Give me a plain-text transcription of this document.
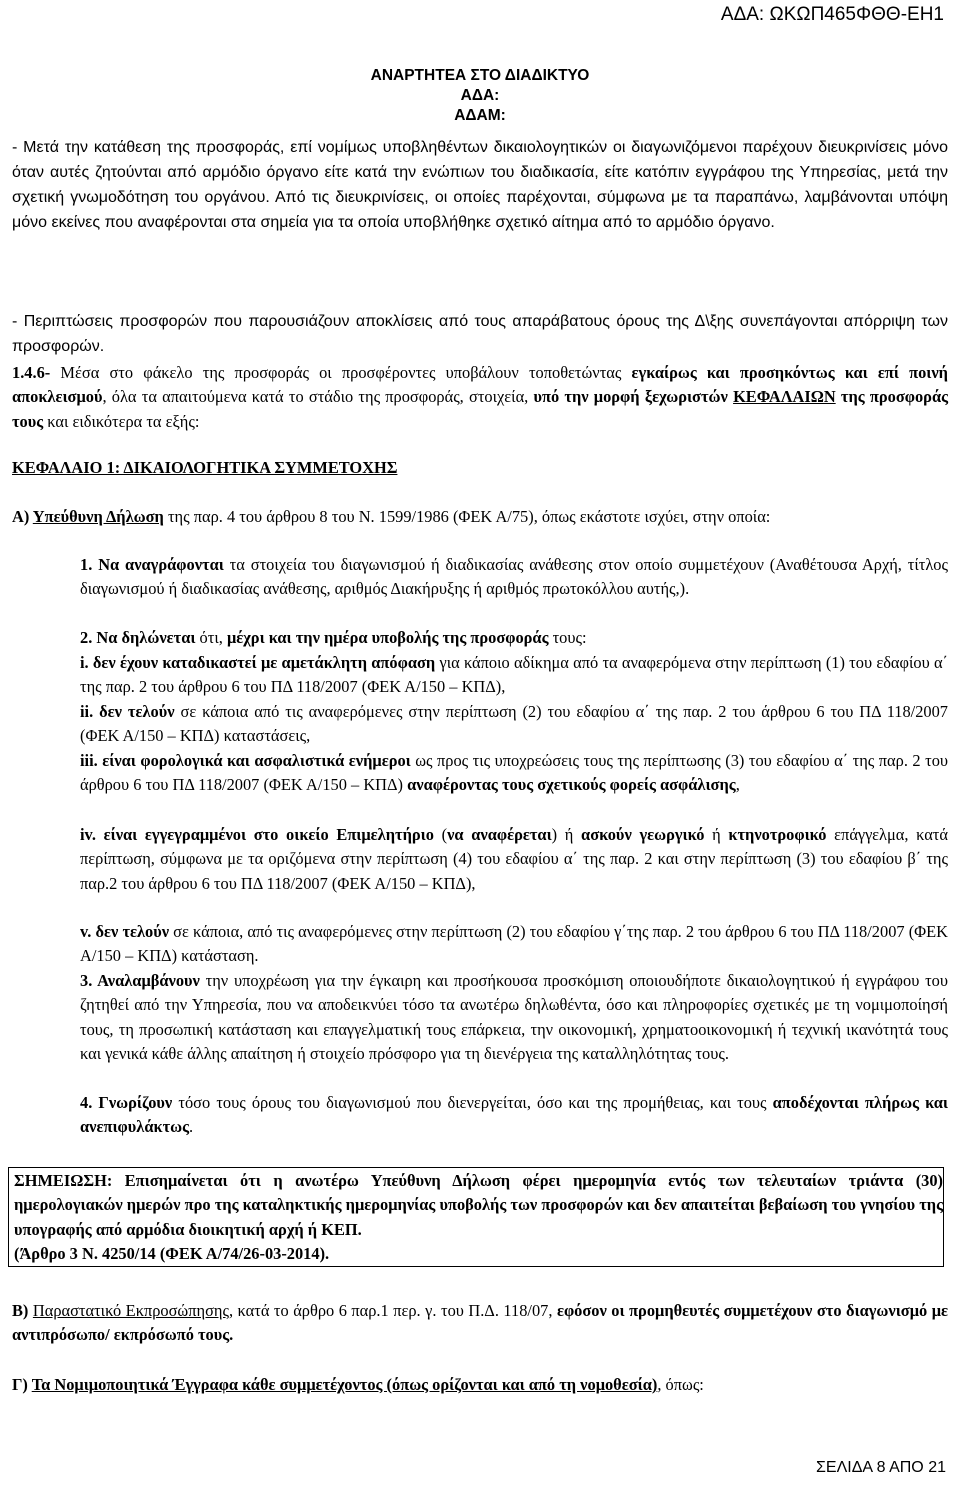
ΑΔΑ: ΩΚΩΠ465ΦΘΘ-ΕΗ1
ΑΝΑΡΤΗΤΕΑ ΣΤΟ ΔΙΑΔΙΚΤΥΟ
ΑΔΑ:
ΑΔΑΜ:

- Μετά την κατάθεση της προσφοράς, επί νομίμως υποβληθέντων δικαιολογητικών οι διαγωνιζόμενοι παρέχουν διευκρινίσεις μόνο όταν αυτές ζητούνται από αρμόδιο όργανο είτε κατά την ενώπιων του διαδικασία, είτε κατόπιν εγγράφου της Υπηρεσίας, μετά την σχετική γνωμοδότηση του οργάνου. Από τις διευκρινίσεις, οι οποίες παρέχονται, σύμφωνα με τα παραπάνω, λαμβάνονται υπόψη μόνο εκείνες που αναφέρονται στα σημεία για τα οποία υποβλήθηκε σχετικό αίτημα από το αρμόδιο όργανο.

- Περιπτώσεις προσφορών που παρουσιάζουν αποκλίσεις από τους απαράβατους όρους της Δ\ξης συνεπάγονται απόρριψη των προσφορών.

1.4.6- Μέσα στο φάκελο της προσφοράς οι προσφέροντες υποβάλουν τοποθετώντας εγκαίρως και προσηκόντως και επί ποινή αποκλεισμού, όλα τα απαιτούμενα κατά το στάδιο της προσφοράς, στοιχεία, υπό την μορφή ξεχωριστών ΚΕΦΑΛΑΙΩΝ της προσφοράς τους και ειδικότερα τα εξής:

ΚΕΦΑΛΑΙΟ 1: ΔΙΚΑΙΟΛΟΓΗΤΙΚΑ ΣΥΜΜΕΤΟΧΗΣ

Α) Υπεύθυνη Δήλωση της παρ. 4 του άρθρου 8 του Ν. 1599/1986 (ΦΕΚ Α/75), όπως εκάστοτε ισχύει, στην οποία:

1. Να αναγράφονται τα στοιχεία του διαγωνισμού ή διαδικασίας ανάθεσης στον οποίο συμμετέχουν (Αναθέτουσα Αρχή, τίτλος διαγωνισμού ή διαδικασίας ανάθεσης, αριθμός Διακήρυξης ή αριθμός πρωτοκόλλου αυτής,).

2. Να δηλώνεται ότι, μέχρι και την ημέρα υποβολής της προσφοράς τους:

i. δεν έχουν καταδικαστεί με αμετάκλητη απόφαση για κάποιο αδίκημα από τα αναφερόμενα στην περίπτωση (1) του εδαφίου α΄ της παρ. 2 του άρθρου 6 του ΠΔ 118/2007 (ΦΕΚ Α/150 – ΚΠΔ),

ii. δεν τελούν σε κάποια από τις αναφερόμενες στην περίπτωση (2) του εδαφίου α΄ της παρ. 2 του άρθρου 6 του ΠΔ 118/2007 (ΦΕΚ Α/150 – ΚΠΔ) καταστάσεις,

iii. είναι φορολογικά και ασφαλιστικά ενήμεροι ως προς τις υποχρεώσεις τους της περίπτωσης (3) του εδαφίου α΄ της παρ. 2 του άρθρου 6 του ΠΔ 118/2007 (ΦΕΚ Α/150 – ΚΠΔ) αναφέροντας τους σχετικούς φορείς ασφάλισης,

iv. είναι εγγεγραμμένοι στο οικείο Επιμελητήριο (να αναφέρεται) ή ασκούν γεωργικό ή κτηνοτροφικό επάγγελμα, κατά περίπτωση, σύμφωνα με τα οριζόμενα στην περίπτωση (4) του εδαφίου α΄ της παρ. 2 και στην περίπτωση (3) του εδαφίου β΄ της παρ.2 του άρθρου 6 του ΠΔ 118/2007 (ΦΕΚ Α/150 – ΚΠΔ),

v. δεν τελούν σε κάποια, από τις αναφερόμενες στην περίπτωση (2) του εδαφίου γ΄της παρ. 2 του άρθρου 6 του ΠΔ 118/2007 (ΦΕΚ Α/150 – ΚΠΔ) κατάσταση.

3. Αναλαμβάνουν την υποχρέωση για την έγκαιρη και προσήκουσα προσκόμιση οποιουδήποτε δικαιολογητικού ή εγγράφου του ζητηθεί από την Υπηρεσία, που να αποδεικνύει τόσο τα ανωτέρω δηλωθέντα, όσο και πληροφορίες σχετικές με τη νομιμοποίησή τους, τη προσωπική κατάσταση και επαγγελματική τους επάρκεια, την οικονομική, χρηματοοικονομική ή τεχνική ικανότητά τους και γενικά κάθε άλλης απαίτηση ή στοιχείο πρόσφορο για τη διενέργεια της καταλληλότητας τους.

4. Γνωρίζουν τόσο τους όρους του διαγωνισμού που διενεργείται, όσο και της προμήθειας, και τους αποδέχονται πλήρως και ανεπιφυλάκτως.

ΣΗΜΕΙΩΣΗ: Επισημαίνεται ότι η ανωτέρω Υπεύθυνη Δήλωση φέρει ημερομηνία εντός των τελευταίων τριάντα (30) ημερολογιακών ημερών προ της καταληκτικής ημερομηνίας υποβολής των προσφορών και δεν απαιτείται βεβαίωση του γνησίου της υπογραφής από αρμόδια διοικητική αρχή ή ΚΕΠ.

(Άρθρο 3 Ν. 4250/14 (ΦΕΚ Α/74/26-03-2014).

Β) Παραστατικό Εκπροσώπησης, κατά το άρθρο 6 παρ.1 περ. γ. του Π.Δ. 118/07, εφόσον οι προμηθευτές συμμετέχουν στο διαγωνισμό με αντιπρόσωπο/ εκπρόσωπό τους.

Γ) Τα Νομιμοποιητικά Έγγραφα κάθε συμμετέχοντος (όπως ορίζονται και από τη νομοθεσία), όπως:

ΣΕΛΙΔΑ 8 ΑΠΟ 21
